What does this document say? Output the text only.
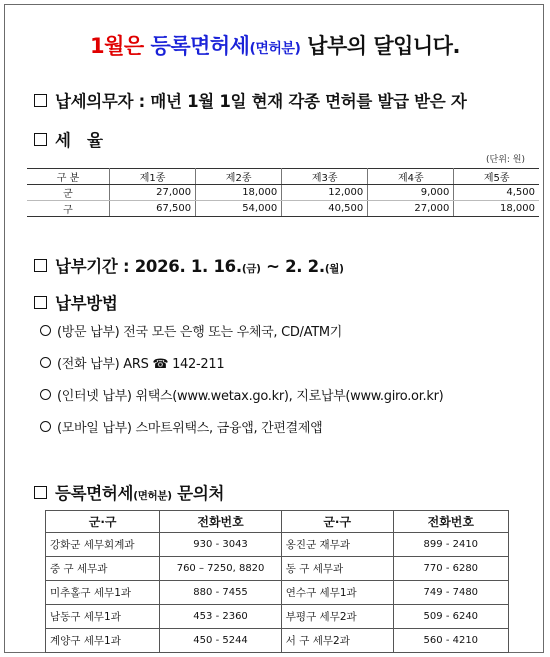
1월은 등록면허세(면허분) 납부의 달입니다.
납세의무자 : 매년 1월 1일 현재 각종 면허를 발급 받은 자
세   율
(단위: 원)
구 분	제1종	제2종	제3종	제4종	제5종
군	27,000	18,000	12,000	9,000	4,500
구	67,500	54,000	40,500	27,000	18,000
납부기간 : 2026. 1. 16.(금) ~ 2. 2.(월)
납부방법
(방문 납부) 전국 모든 은행 또는 우체국, CD/ATM기
(전화 납부) ARS ☎ 142-211
(인터넷 납부) 위택스(www.wetax.go.kr), 지로납부(www.giro.or.kr)
(모바일 납부) 스마트위택스, 금융앱, 간편결제앱
등록면허세(면허분) 문의처
군·구	전화번호	군·구	전화번호
강화군 세무회계과	930 - 3043	옹진군 재무과	899 - 2410
중 구 세무과	760 – 7250, 8820	동 구 세무과	770 - 6280
미추홀구 세무1과	880 - 7455	연수구 세무1과	749 - 7480
남동구 세무1과	453 - 2360	부평구 세무2과	509 - 6240
계양구 세무1과	450 - 5244	서 구 세무2과	560 - 4210
